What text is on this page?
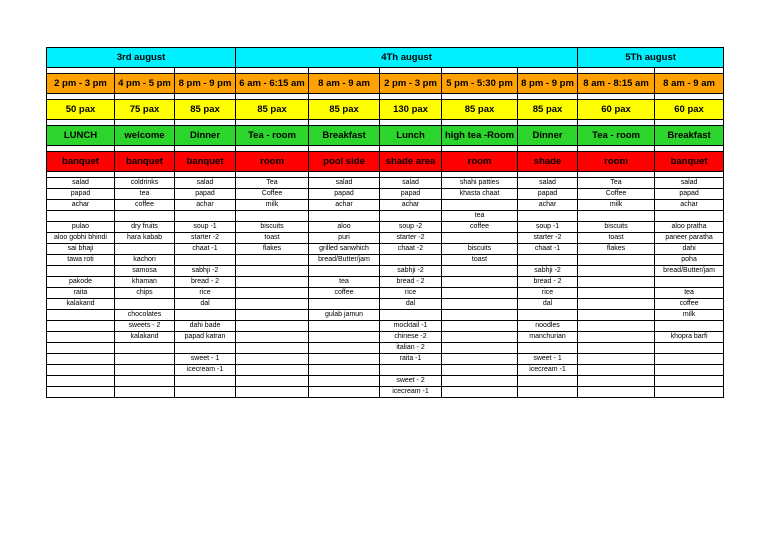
3rd august			4Th august					5Th august	

2 pm - 3 pm	4 pm - 5 pm	8 pm - 9 pm	6 am - 6:15 am	8 am - 9 am	2 pm - 3 pm	5 pm - 5:30 pm	8 pm - 9 pm	8 am - 8:15 am	8 am - 9 am

50 pax	75 pax	85 pax	85 pax	85 pax	130 pax	85 pax	85 pax	60 pax	60 pax

LUNCH	welcome	Dinner	Tea - room	Breakfast	Lunch	high tea -Room	Dinner	Tea - room	Breakfast

banquet	banquet	banquet	room	pool side	shade area	room	shade	room	banquet

salad	coldrinks	salad	Tea	salad	salad	shahi patties	salad	Tea	salad
papad	tea	papad	Coffee	papad	papad	khasta chaat	papad	Coffee	papad
achar	coffee	achar	milk	achar	achar		achar	milk	achar
						tea			
pulao	dry fruits	soup -1	biscuits	aloo	soup -2	coffee	soup -1	biscuits	aloo pratha
aloo gobhi bhindi	hara kabab	starter -2	toast	puri	starter -2		starter -2	toast	paneer paratha
sai bhaji		chaat -1	flakes	grilled sanwhich	chaat -2	biscuits	chaat -1	flakes	dahi
tawa roti	kachori			bread/Butter/jam		toast			poha
	samosa	sabhji -2			sabhji -2		sabhji -2		bread/Butter/jam
pakode	khaman	bread - 2		tea	bread - 2		bread - 2		
raita	chips	rice		coffee	rice		rice		tea
kalakand		dal			dal		dal		coffee
	chocolates			gulab jamun					milk
	sweets - 2	dahi bade			mocktail -1		noodles		
	kalakand	papad katran			chinese -2		manchurian		khopra barfi
					italian - 2				
		sweet - 1			raita -1		sweet - 1		
		icecream -1					icecream -1		
					sweet - 2				
					icecream -1				
